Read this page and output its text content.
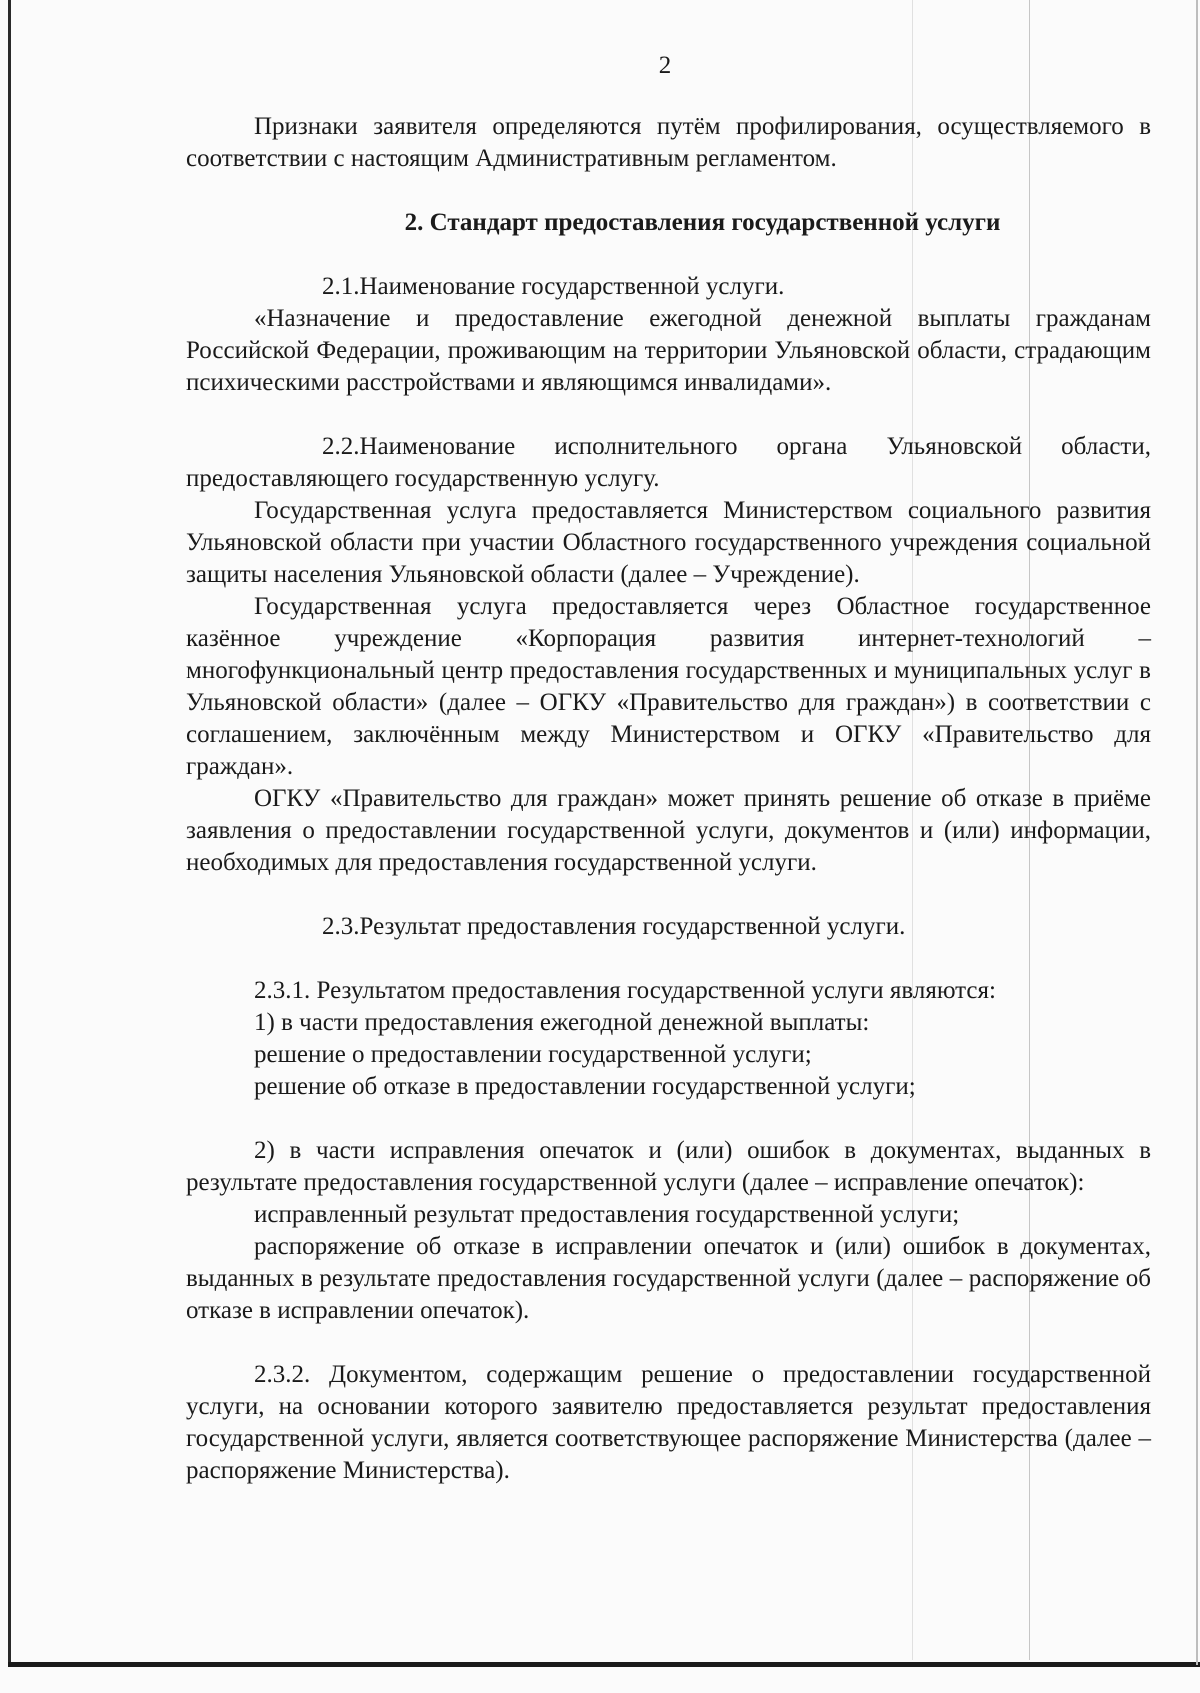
2

Признаки заявителя определяются путём профилирования, осуществляемого в соответствии с настоящим Административным регламентом.

2. Стандарт предоставления государственной услуги

2.1.Наименование государственной услуги.

«Назначение и предоставление ежегодной денежной выплаты гражданам Российской Федерации, проживающим на территории Ульяновской области, страдающим психическими расстройствами и являющимся инвалидами».

2.2.Наименование исполнительного органа Ульяновской области, предоставляющего государственную услугу.

Государственная услуга предоставляется Министерством социального развития Ульяновской области при участии Областного государственного учреждения социальной защиты населения Ульяновской области (далее – Учреждение).

Государственная услуга предоставляется через Областное государственное казённое учреждение «Корпорация развития интернет-технологий – многофункциональный центр предоставления государственных и муниципальных услуг в Ульяновской области» (далее – ОГКУ «Правительство для граждан») в соответствии с соглашением, заключённым между Министерством и ОГКУ «Правительство для граждан».

ОГКУ «Правительство для граждан» может принять решение об отказе в приёме заявления о предоставлении государственной услуги, документов и (или) информации, необходимых для предоставления государственной услуги.

2.3.Результат предоставления государственной услуги.

2.3.1. Результатом предоставления государственной услуги являются:

1) в части предоставления ежегодной денежной выплаты:

решение о предоставлении государственной услуги;

решение об отказе в предоставлении государственной услуги;

2) в части исправления опечаток и (или) ошибок в документах, выданных в результате предоставления государственной услуги (далее – исправление опечаток):

исправленный результат предоставления государственной услуги;

распоряжение об отказе в исправлении опечаток и (или) ошибок в документах, выданных в результате предоставления государственной услуги (далее – распоряжение об отказе в исправлении опечаток).

2.3.2. Документом, содержащим решение о предоставлении государственной услуги, на основании которого заявителю предоставляется результат предоставления государственной услуги, является соответствующее распоряжение Министерства (далее – распоряжение Министерства).
